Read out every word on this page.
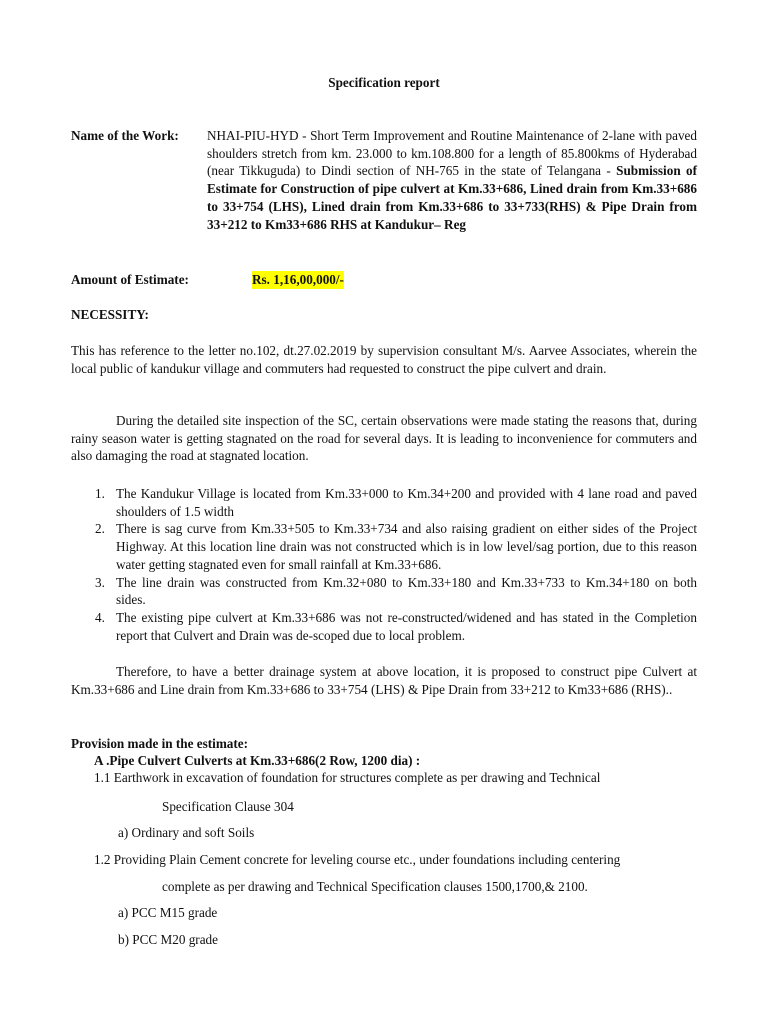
Specification report
Name of the Work: NHAI-PIU-HYD - Short Term Improvement and Routine Maintenance of 2-lane with paved shoulders stretch from km. 23.000 to km.108.800 for a length of 85.800kms of Hyderabad (near Tikkuguda) to Dindi section of NH-765 in the state of Telangana - Submission of Estimate for Construction of pipe culvert at Km.33+686, Lined drain from Km.33+686 to 33+754 (LHS), Lined drain from Km.33+686 to 33+733(RHS) & Pipe Drain from 33+212 to Km33+686 RHS at Kandukur– Reg
Amount of Estimate:	Rs. 1,16,00,000/-
NECESSITY:
This has reference to the letter no.102, dt.27.02.2019 by supervision consultant M/s. Aarvee Associates, wherein the local public of kandukur village and commuters had requested to construct the pipe culvert and drain.
During the detailed site inspection of the SC, certain observations were made stating the reasons that, during rainy season water is getting stagnated on the road for several days. It is leading to inconvenience for commuters and also damaging the road at stagnated location.
1. The Kandukur Village is located from Km.33+000 to Km.34+200 and provided with 4 lane road and paved shoulders of 1.5 width
2. There is sag curve from Km.33+505 to Km.33+734 and also raising gradient on either sides of the Project Highway. At this location line drain was not constructed which is in low level/sag portion, due to this reason water getting stagnated even for small rainfall at Km.33+686.
3. The line drain was constructed from Km.32+080 to Km.33+180 and Km.33+733 to Km.34+180 on both sides.
4. The existing pipe culvert at Km.33+686 was not re-constructed/widened and has stated in the Completion report that Culvert and Drain was de-scoped due to local problem.
Therefore, to have a better drainage system at above location, it is proposed to construct pipe Culvert at Km.33+686 and Line drain from Km.33+686 to 33+754 (LHS) & Pipe Drain from 33+212 to Km33+686 (RHS)..
Provision made in the estimate:
A .Pipe Culvert Culverts at Km.33+686(2 Row, 1200 dia) :
1.1 Earthwork in excavation of foundation for structures complete as per drawing and Technical
Specification Clause 304
a) Ordinary and soft Soils
1.2 Providing Plain Cement concrete for leveling course etc., under foundations including centering
complete as per drawing and Technical Specification clauses 1500,1700,& 2100.
a) PCC M15 grade
b) PCC M20 grade
